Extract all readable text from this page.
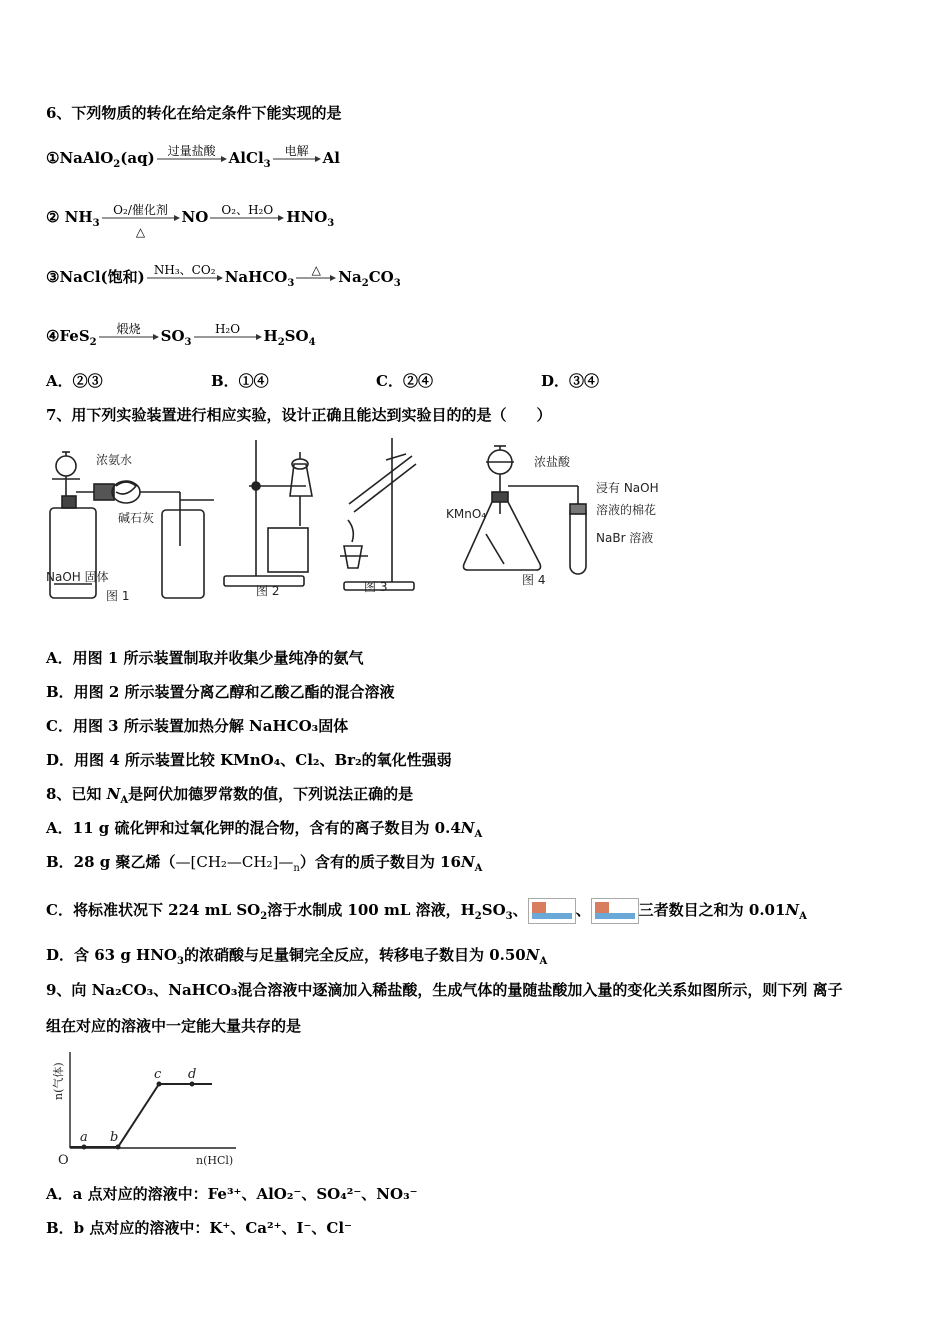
6、下列物质的转化在给定条件下能实现的是
①NaAlO$_2$(aq)	过量盐酸 AlCl$_3$
电解 Al
② $NH_3$
O₂/催化剂
△
NO	O₂、H₂O $HNO_3$
③NaCl(饱和) NH₃、CO₂ NaHCO$_3$
△	$Na_2CO_3$
④FeS$_2$
煅烧	$SO_3$
H₂O	$H_2SO_4$
A．②③	B．①④	C．②④	D．③④
7、用下列实验装置进行相应实验，设计正确且能达到实验目的的是（　　）
浓氨水
碱石灰
NaOH 固体
图 1	图 2	图 3
浓盐酸
KMnO₄
浸有 NaOH
溶液的棉花
NaBr 溶液
图 4
A．用图 1 所示装置制取并收集少量纯净的氨气
B．用图 2 所示装置分离乙醇和乙酸乙酯的混合溶液
C．用图 3 所示装置加热分解 NaHCO₃固体
D．用图 4 所示装置比较 KMnO₄、Cl₂、Br₂的氧化性强弱
8、已知 $N_A$是阿伏加德罗常数的值，下列说法正确的是
A．11 g 硫化钾和过氧化钾的混合物，含有的离子数目为 $0.4N_A$
B．28 g 聚乙烯$(—[CH_2—CH_2]—_n)$含有的质子数目为 $16N_A$
C．将标准状况下 224 mL $SO_2$溶于水制成 100 mL 溶液，$H_2SO_3$、	、	三者数目之和为 $0.01N_A$
D．含 63 g $HNO_3$的浓硝酸与足量铜完全反应，转移电子数目为 $0.50N_A$
9、向 Na₂CO₃、NaHCO₃混合溶液中逐滴加入稀盐酸，生成气体的量随盐酸加入量的变化关系如图所示，则下列 离子
组在对应的溶液中一定能大量共存的是
a b
c d
O	n(HCl)
n(气体)
A．a 点对应的溶液中：Fe³⁺、AlO₂⁻、SO₄²⁻、NO₃⁻
B．b 点对应的溶液中：K⁺、Ca²⁺、I⁻、Cl⁻
